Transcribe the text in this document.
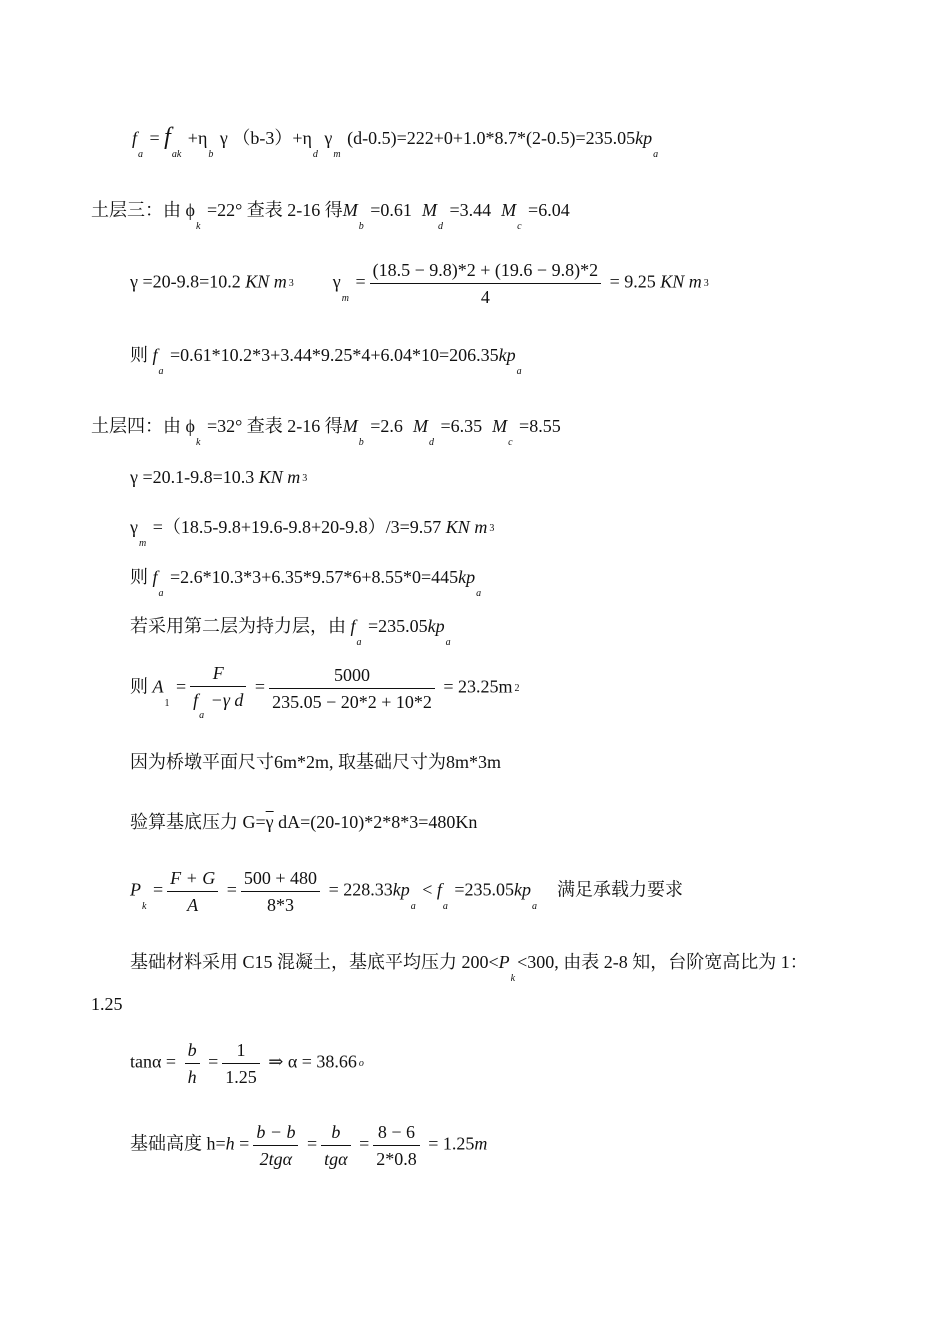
$f_a = f_{ak} +\eta_b$ γ $(b-3)+\eta_d$ $\gamma_m$ $(d-0.5)=222+0+1.0*8.7*(2-0.5)=235.05kp_a$
土层三：由 $\phi_k =22^\circ$ 查表 2-16 得$M_b =0.61$ $M_d =3.44$ $M_c =6.04$
γ =20-9.8=10.2 KN m 3 $\gamma_m = \frac{(18.5 - 9.8)*2 + (19.6 - 9.8)*2}{4} = 9.25$ KN m 3
则 $f_a =0.61*10.2*3+3.44*9.25*4+6.04*10=206.35kp_a$
土层四：由 $\phi_k =32^\circ$ 查表 2-16 得$M_b =2.6$ $M_d =6.35$ $M_c =8.55$
γ =20.1-9.8=10.3 KN m 3
$\gamma_m =(18.5-9.8+19.6-9.8+20-9.8)/3=9.57$ KN m 3
则 $f_a =2.6*10.3*3+6.35*9.57*6+8.55*0=445kp_a$
若采用第二层为持力层，由 $f_a =235.05kp_a$
则 $A_1 = \frac{F}{f_a -\gamma d} = \frac{5000}{235.05 - 20*2 + 10*2} = 23.25m$ 2
因为桥墩平面尺寸6m*2m, 取基础尺寸为8m*3m
验算基底压力 $G=\overline{\gamma}$ dA=(20-10)*2*8*3=480Kn
$P_k = \frac{F + G}{A} = \frac{500 + 480}{8*3} = 228.33kp_a < f_a =235.05kp_a$满足承载力要求
基础材料采用 C15 混凝土，基底平均压力 $200<P_k<300$, 由表 2-8 知，台阶宽高比为 1：
1.25
$\tan\alpha = \frac{b}{h} = \frac{1}{1.25}$ ⇒ α = 38.66 o
基础高度 $h=h = \frac{b - b}{\text{2tgα}} = \frac{b}{\text{tgα}} = \frac{8 - 6}{2*0.8} = 1.25m$
